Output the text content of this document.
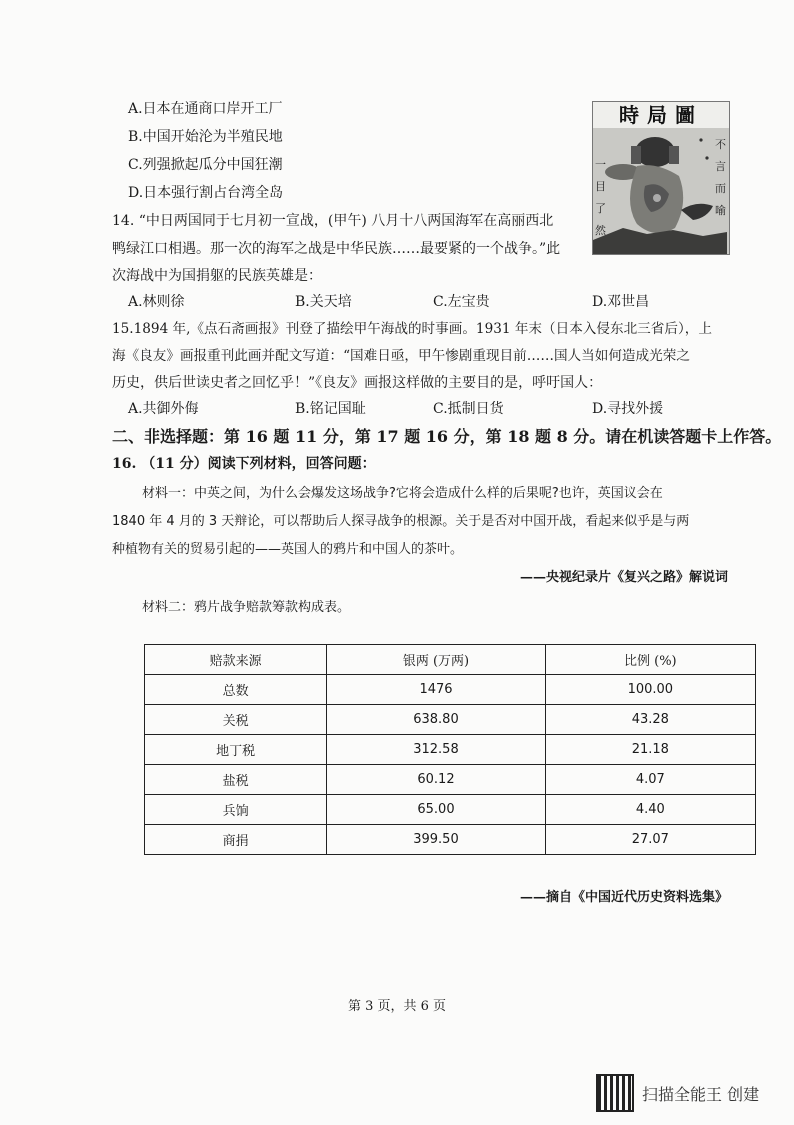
A.日本在通商口岸开工厂
B.中国开始沦为半殖民地
C.列强掀起瓜分中国狂潮
D.日本强行割占台湾全岛
時局圖
不言而喻
一目了然
14. “中日两国同于七月初一宣战，(甲午) 八月十八两国海军在高丽西北
鸭绿江口相遇。那一次的海军之战是中华民族……最要紧的一个战争。”此
次海战中为国捐躯的民族英雄是：
A.林则徐	B.关天培	C.左宝贵	D.邓世昌
15.1894 年,《点石斋画报》刊登了描绘甲午海战的时事画。1931 年末（日本入侵东北三省后），上
海《良友》画报重刊此画并配文写道：“国难日亟，甲午惨剧重现目前……国人当如何造成光荣之
历史，供后世读史者之回忆乎！”《良友》画报这样做的主要目的是，呼吁国人：
A.共御外侮	B.铭记国耻	C.抵制日货	D.寻找外援
二、非选择题：第 16 题 11 分，第 17 题 16 分，第 18 题 8 分。请在机读答题卡上作答。
16. （11 分）阅读下列材料，回答问题：
材料一：中英之间，为什么会爆发这场战争?它将会造成什么样的后果呢?也许，英国议会在
1840 年 4 月的 3 天辩论，可以帮助后人探寻战争的根源。关于是否对中国开战，看起来似乎是与两
种植物有关的贸易引起的——英国人的鸦片和中国人的茶叶。
——央视纪录片《复兴之路》解说词
材料二：鸦片战争赔款筹款构成表。
赔款来源	银两 (万两)	比例 (%)
总数	1476	100.00
关税	638.80	43.28
地丁税	312.58	21.18
盐税	60.12	4.07
兵饷	65.00	4.40
商捐	399.50	27.07
——摘自《中国近代历史资料选集》
第 3 页，共 6 页
扫描全能王 创建
